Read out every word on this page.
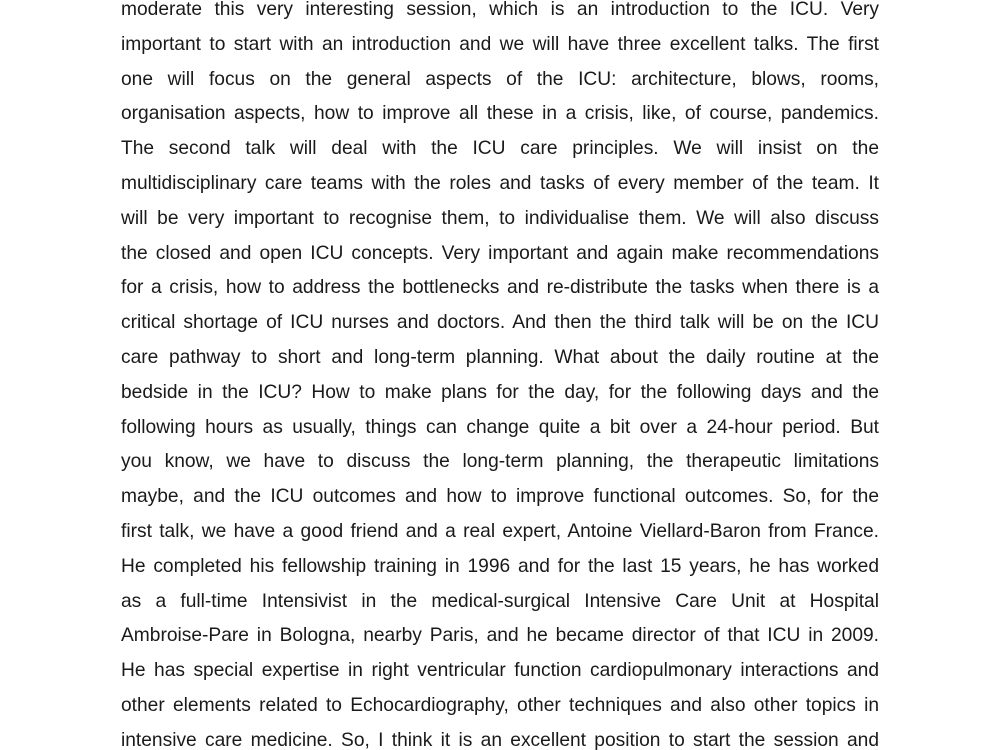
moderate this very interesting session, which is an introduction to the ICU. Very
important to start with an introduction and we will have three excellent talks. The first
one will focus on the general aspects of the ICU: architecture, blows, rooms,
organisation aspects, how to improve all these in a crisis, like, of course, pandemics.
The second talk will deal with the ICU care principles. We will insist on the
multidisciplinary care teams with the roles and tasks of every member of the team. It
will be very important to recognise them, to individualise them. We will also discuss
the closed and open ICU concepts. Very important and again make recommendations
for a crisis, how to address the bottlenecks and re-distribute the tasks when there is a
critical shortage of ICU nurses and doctors. And then the third talk will be on the ICU
care pathway to short and long-term planning. What about the daily routine at the
bedside in the ICU? How to make plans for the day, for the following days and the
following hours as usually, things can change quite a bit over a 24-hour period. But
you know, we have to discuss the long-term planning, the therapeutic limitations
maybe, and the ICU outcomes and how to improve functional outcomes. So, for the
first talk, we have a good friend and a real expert, Antoine Viellard-Baron from France.
He completed his fellowship training in 1996 and for the last 15 years, he has worked
as a full-time Intensivist in the medical-surgical Intensive Care Unit at Hospital
Ambroise-Pare in Bologna, nearby Paris, and he became director of that ICU in 2009.
He has special expertise in right ventricular function cardiopulmonary interactions and
other elements related to Echocardiography, other techniques and also other topics in
intensive care medicine. So, I think it is an excellent position to start the session and
